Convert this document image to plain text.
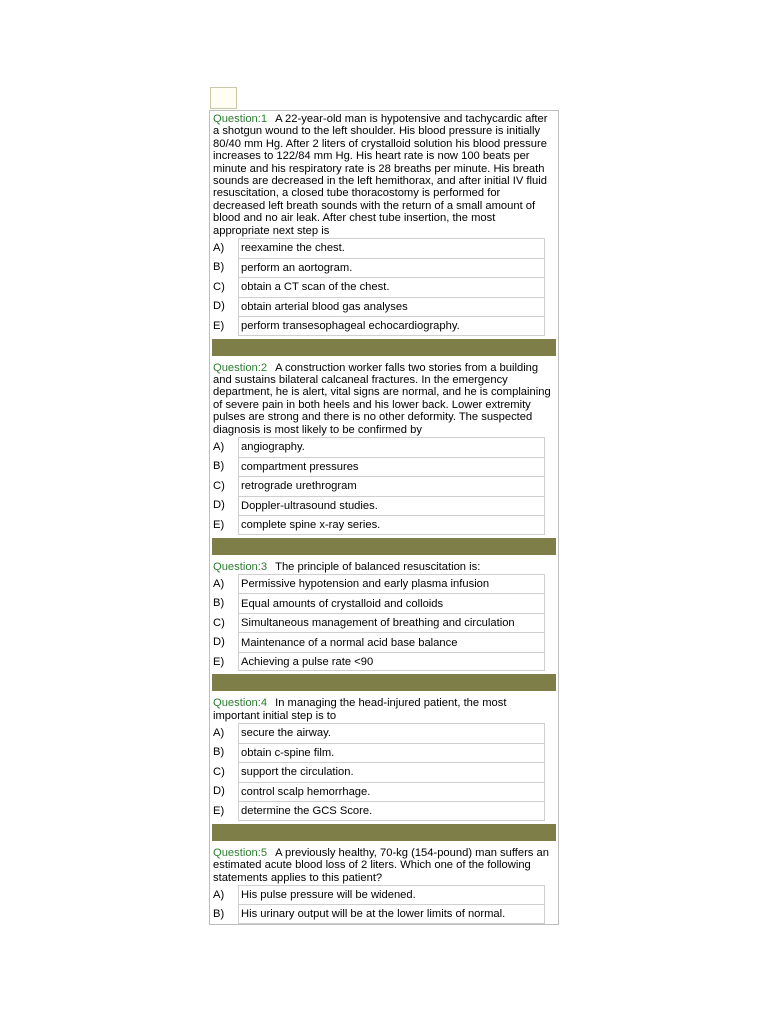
Question:1 A 22-year-old man is hypotensive and tachycardic after a shotgun wound to the left shoulder. His blood pressure is initially 80/40 mm Hg. After 2 liters of crystalloid solution his blood pressure increases to 122/84 mm Hg. His heart rate is now 100 beats per minute and his respiratory rate is 28 breaths per minute. His breath sounds are decreased in the left hemithorax, and after initial IV fluid resuscitation, a closed tube thoracostomy is performed for decreased left breath sounds with the return of a small amount of blood and no air leak. After chest tube insertion, the most appropriate next step is
A)	reexamine the chest.
B)	perform an aortogram.
C)	obtain a CT scan of the chest.
D)	obtain arterial blood gas analyses
E)	perform transesophageal echocardiography.
Question:2 A construction worker falls two stories from a building and sustains bilateral calcaneal fractures. In the emergency department, he is alert, vital signs are normal, and he is complaining of severe pain in both heels and his lower back. Lower extremity pulses are strong and there is no other deformity. The suspected diagnosis is most likely to be confirmed by
A)	angiography.
B)	compartment pressures
C)	retrograde urethrogram
D)	Doppler-ultrasound studies.
E)	complete spine x-ray series.
Question:3 The principle of balanced resuscitation is:
A)	Permissive hypotension and early plasma infusion
B)	Equal amounts of crystalloid and colloids
C)	Simultaneous management of breathing and circulation
D)	Maintenance of a normal acid base balance
E)	Achieving a pulse rate <90
Question:4 In managing the head-injured patient, the most important initial step is to
A)	secure the airway.
B)	obtain c-spine film.
C)	support the circulation.
D)	control scalp hemorrhage.
E)	determine the GCS Score.
Question:5 A previously healthy, 70-kg (154-pound) man suffers an estimated acute blood loss of 2 liters. Which one of the following statements applies to this patient?
A)	His pulse pressure will be widened.
B)	His urinary output will be at the lower limits of normal.
